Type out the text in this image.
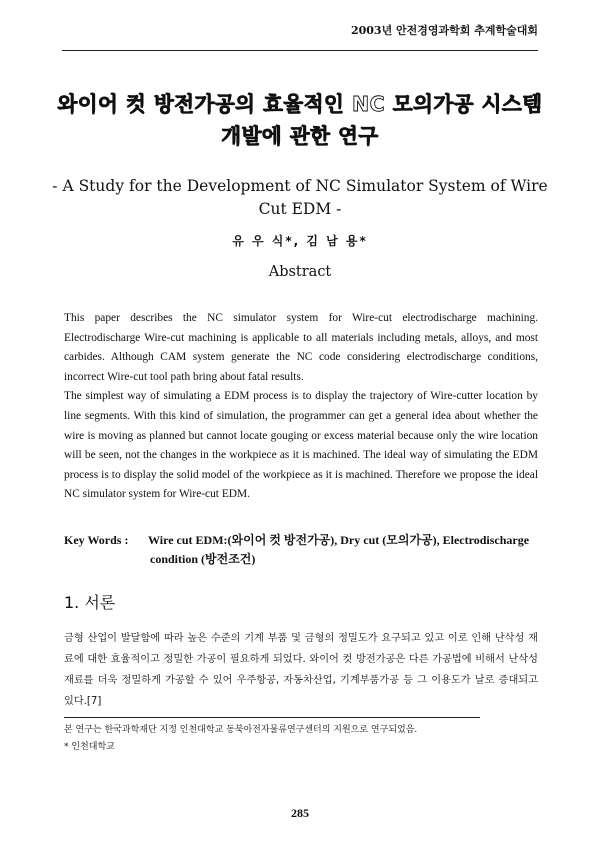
2003년 안전경영과학회 추계학술대회
와이어 컷 방전가공의 효율적인 NC 모의가공 시스템
개발에 관한 연구
- A Study for the Development of NC Simulator System of Wire
Cut EDM -
유 우 식*, 김 남 용*
Abstract

This paper describes the NC simulator system for Wire-cut electrodischarge machining. Electrodischarge Wire-cut machining is applicable to all materials including metals, alloys, and most carbides. Although CAM system generate the NC code considering electrodischarge conditions, incorrect Wire-cut tool path bring about fatal results.

The simplest way of simulating a EDM process is to display the trajectory of Wire-cutter location by line segments. With this kind of simulation, the programmer can get a general idea about whether the wire is moving as planned but cannot locate gouging or excess material because only the wire location will be seen, not the changes in the workpiece as it is machined. The ideal way of simulating the EDM process is to display the solid model of the workpiece as it is machined. Therefore we propose the ideal NC simulator system for Wire-cut EDM.

Key Words : Wire cut EDM:(와이어 컷 방전가공), Dry cut (모의가공), Electrodischarge
condition (방전조건)
1. 서론

금형 산업이 발달함에 따라 높은 수준의 기계 부품 및 금형의 정밀도가 요구되고 있고 이로 인해 난삭성 재료에 대한 효율적이고 정밀한 가공이 필요하게 되었다. 와이어 컷 방전가공은 다른 가공법에 비해서 난삭성 재료를 더욱 정밀하게 가공할 수 있어 우주항공, 자동차산업, 기계부품가공 등 그 이용도가 날로 증대되고 있다.[7]

본 연구는 한국과학재단 지정 인천대학교 동북아전자물류연구센터의 지원으로 연구되었음.
* 인천대학교
285
